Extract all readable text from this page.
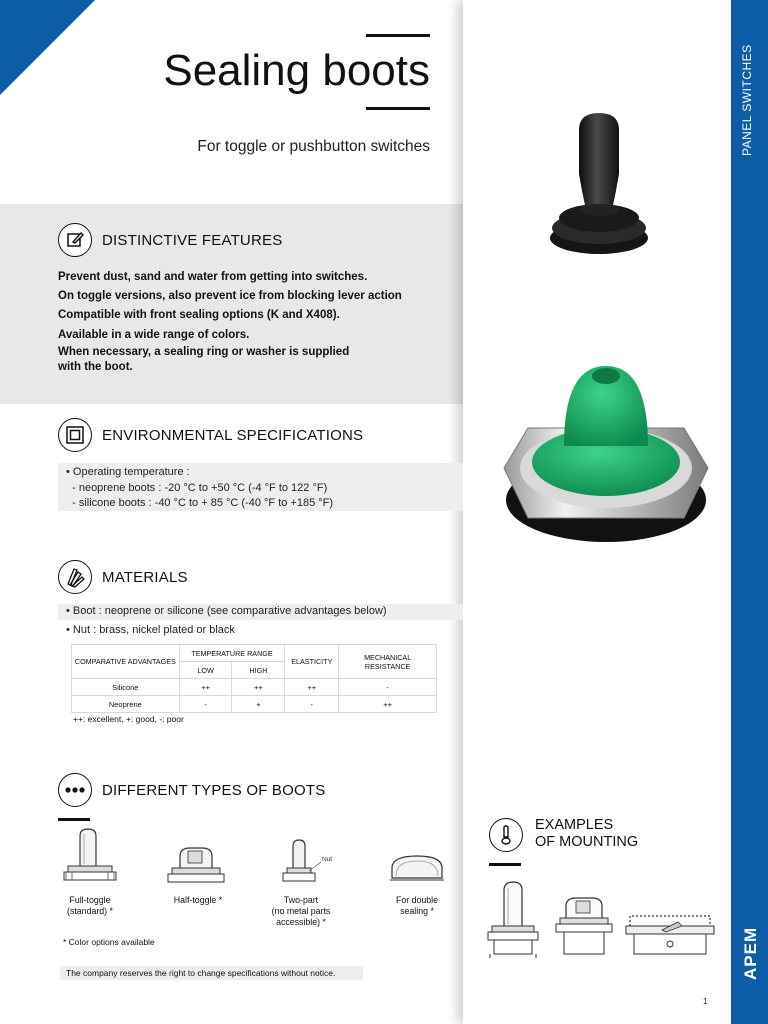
SW-SEALINGBOOTS-1801 Sealing boots
For toggle or pushbutton switches
DISTINCTIVE FEATURES

Prevent dust, sand and water from getting into switches.

On toggle versions, also prevent ice from blocking lever action

Compatible with front sealing options (K and X408).

Available in a wide range of colors.

When necessary, a sealing ring or washer is supplied

with the boot.

ENVIRONMENTAL SPECIFICATIONS

• Operating temperature :

- neoprene boots : -20 °C to +50 °C (-4 °F to 122 °F)

- silicone boots : -40 °C to + 85 °C (-40 °F to +185 °F)

MATERIALS
• Boot : neoprene or silicone (see comparative advantages below)
• Nut : brass, nickel plated or black
COMPARATIVE ADVANTAGES	TEMPERATURE RANGE		ELASTICITY	MECHANICAL RESISTANCE
	LOW	HIGH		
Silicone	++	++	++	-
Neoprene	-	+	-	++
++: excellent, +: good, -: poor
DIFFERENT TYPES OF BOOTS
Nut
Full-toggle
(standard) *
Half-toggle *	Two-part
(no metal parts
accessible) *
For double
sealing *
* Color options available
The company reserves the right to change specifications without notice.
EXAMPLES
OF MOUNTING
PANEL SWITCHES
APEM
1
